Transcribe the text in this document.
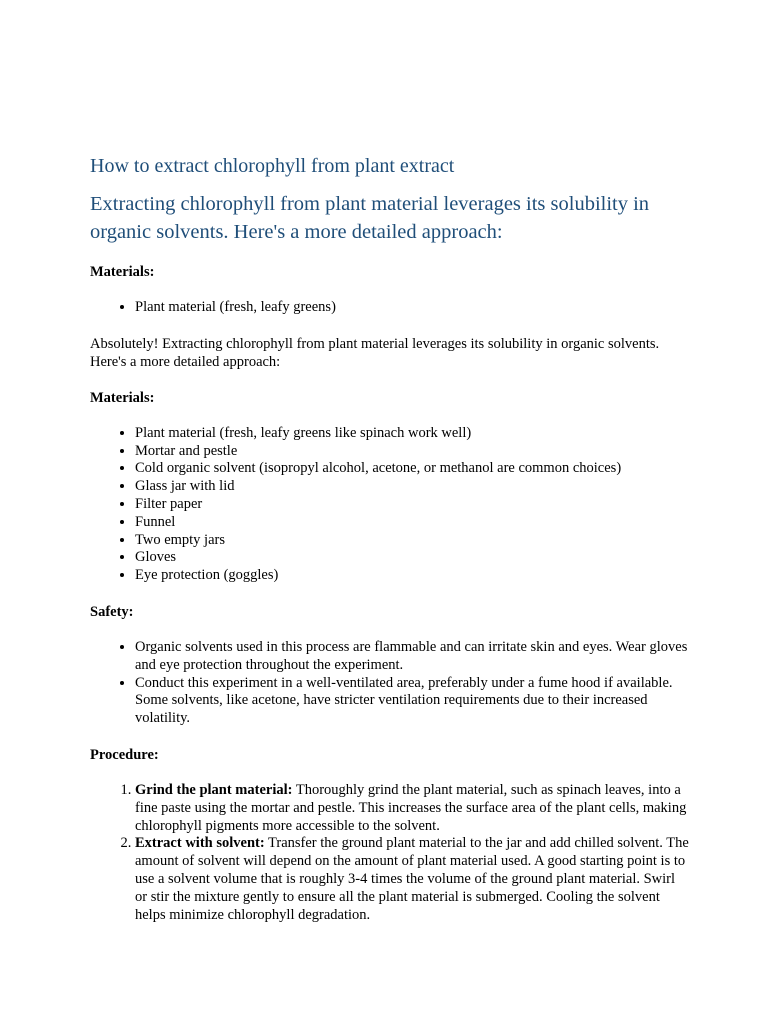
How to extract chlorophyll from plant extract
Extracting chlorophyll from plant material leverages its solubility in organic solvents. Here's a more detailed approach:
Materials:
• Plant material (fresh, leafy greens)
Absolutely! Extracting chlorophyll from plant material leverages its solubility in organic solvents. Here's a more detailed approach:
Materials:
• Plant material (fresh, leafy greens like spinach work well)
• Mortar and pestle
• Cold organic solvent (isopropyl alcohol, acetone, or methanol are common choices)
• Glass jar with lid
• Filter paper
• Funnel
• Two empty jars
• Gloves
• Eye protection (goggles)
Safety:
• Organic solvents used in this process are flammable and can irritate skin and eyes. Wear gloves and eye protection throughout the experiment.
• Conduct this experiment in a well-ventilated area, preferably under a fume hood if available. Some solvents, like acetone, have stricter ventilation requirements due to their increased volatility.
Procedure:
1. Grind the plant material: Thoroughly grind the plant material, such as spinach leaves, into a fine paste using the mortar and pestle. This increases the surface area of the plant cells, making chlorophyll pigments more accessible to the solvent.
2. Extract with solvent: Transfer the ground plant material to the jar and add chilled solvent. The amount of solvent will depend on the amount of plant material used. A good starting point is to use a solvent volume that is roughly 3-4 times the volume of the ground plant material. Swirl or stir the mixture gently to ensure all the plant material is submerged. Cooling the solvent helps minimize chlorophyll degradation.
